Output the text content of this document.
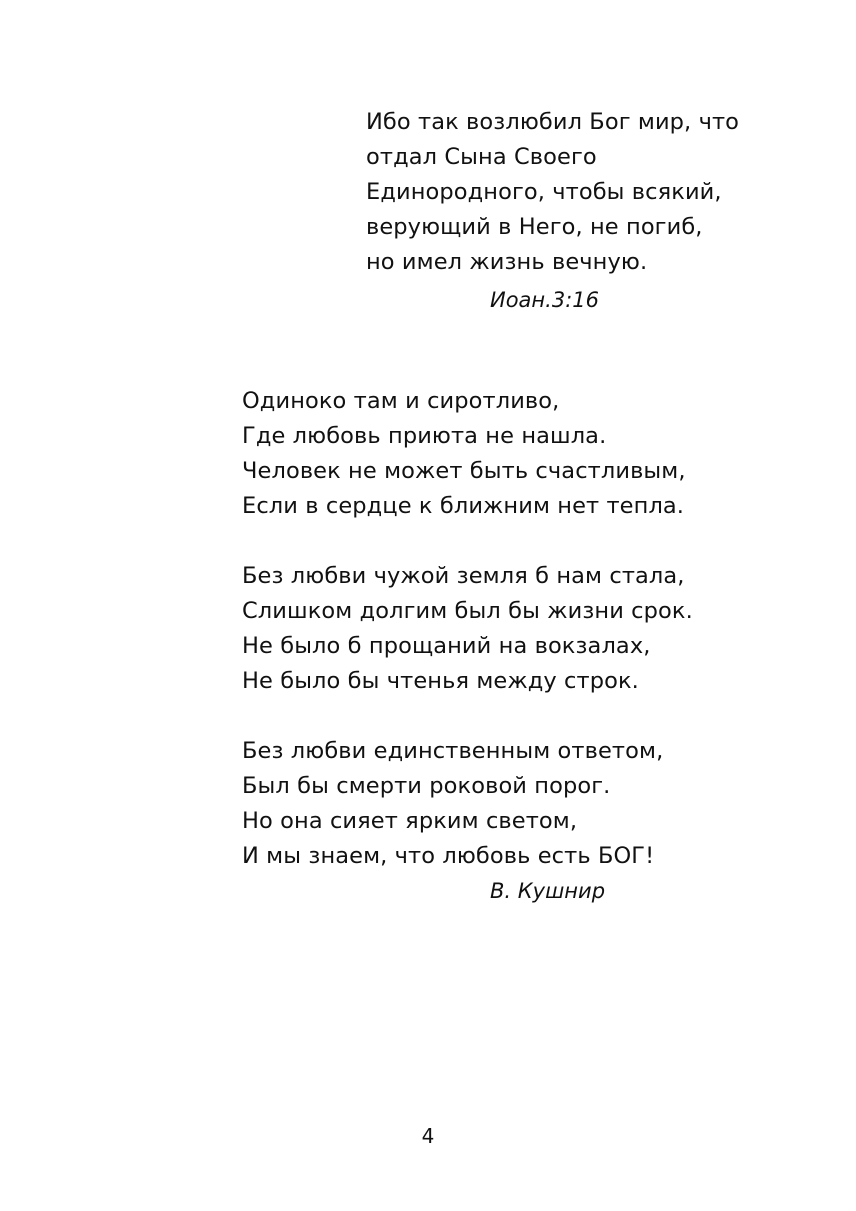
Ибо так возлюбил Бог мир, что
отдал Сына Своего
Единородного, чтобы всякий,
верующий в Него, не погиб,
но имел жизнь вечную.
Иоан.3:16
Одиноко там и сиротливо,
Где любовь приюта не нашла.
Человек не может быть счастливым,
Если в сердце к ближним нет тепла.
Без любви чужой земля б нам стала,
Слишком долгим был бы жизни срок.
Не было б прощаний на вокзалах,
Не было бы чтенья между строк.
Без любви единственным ответом,
Был бы смерти роковой порог.
Но она сияет ярким светом,
И мы знаем, что любовь есть БОГ!
В. Кушнир
4
